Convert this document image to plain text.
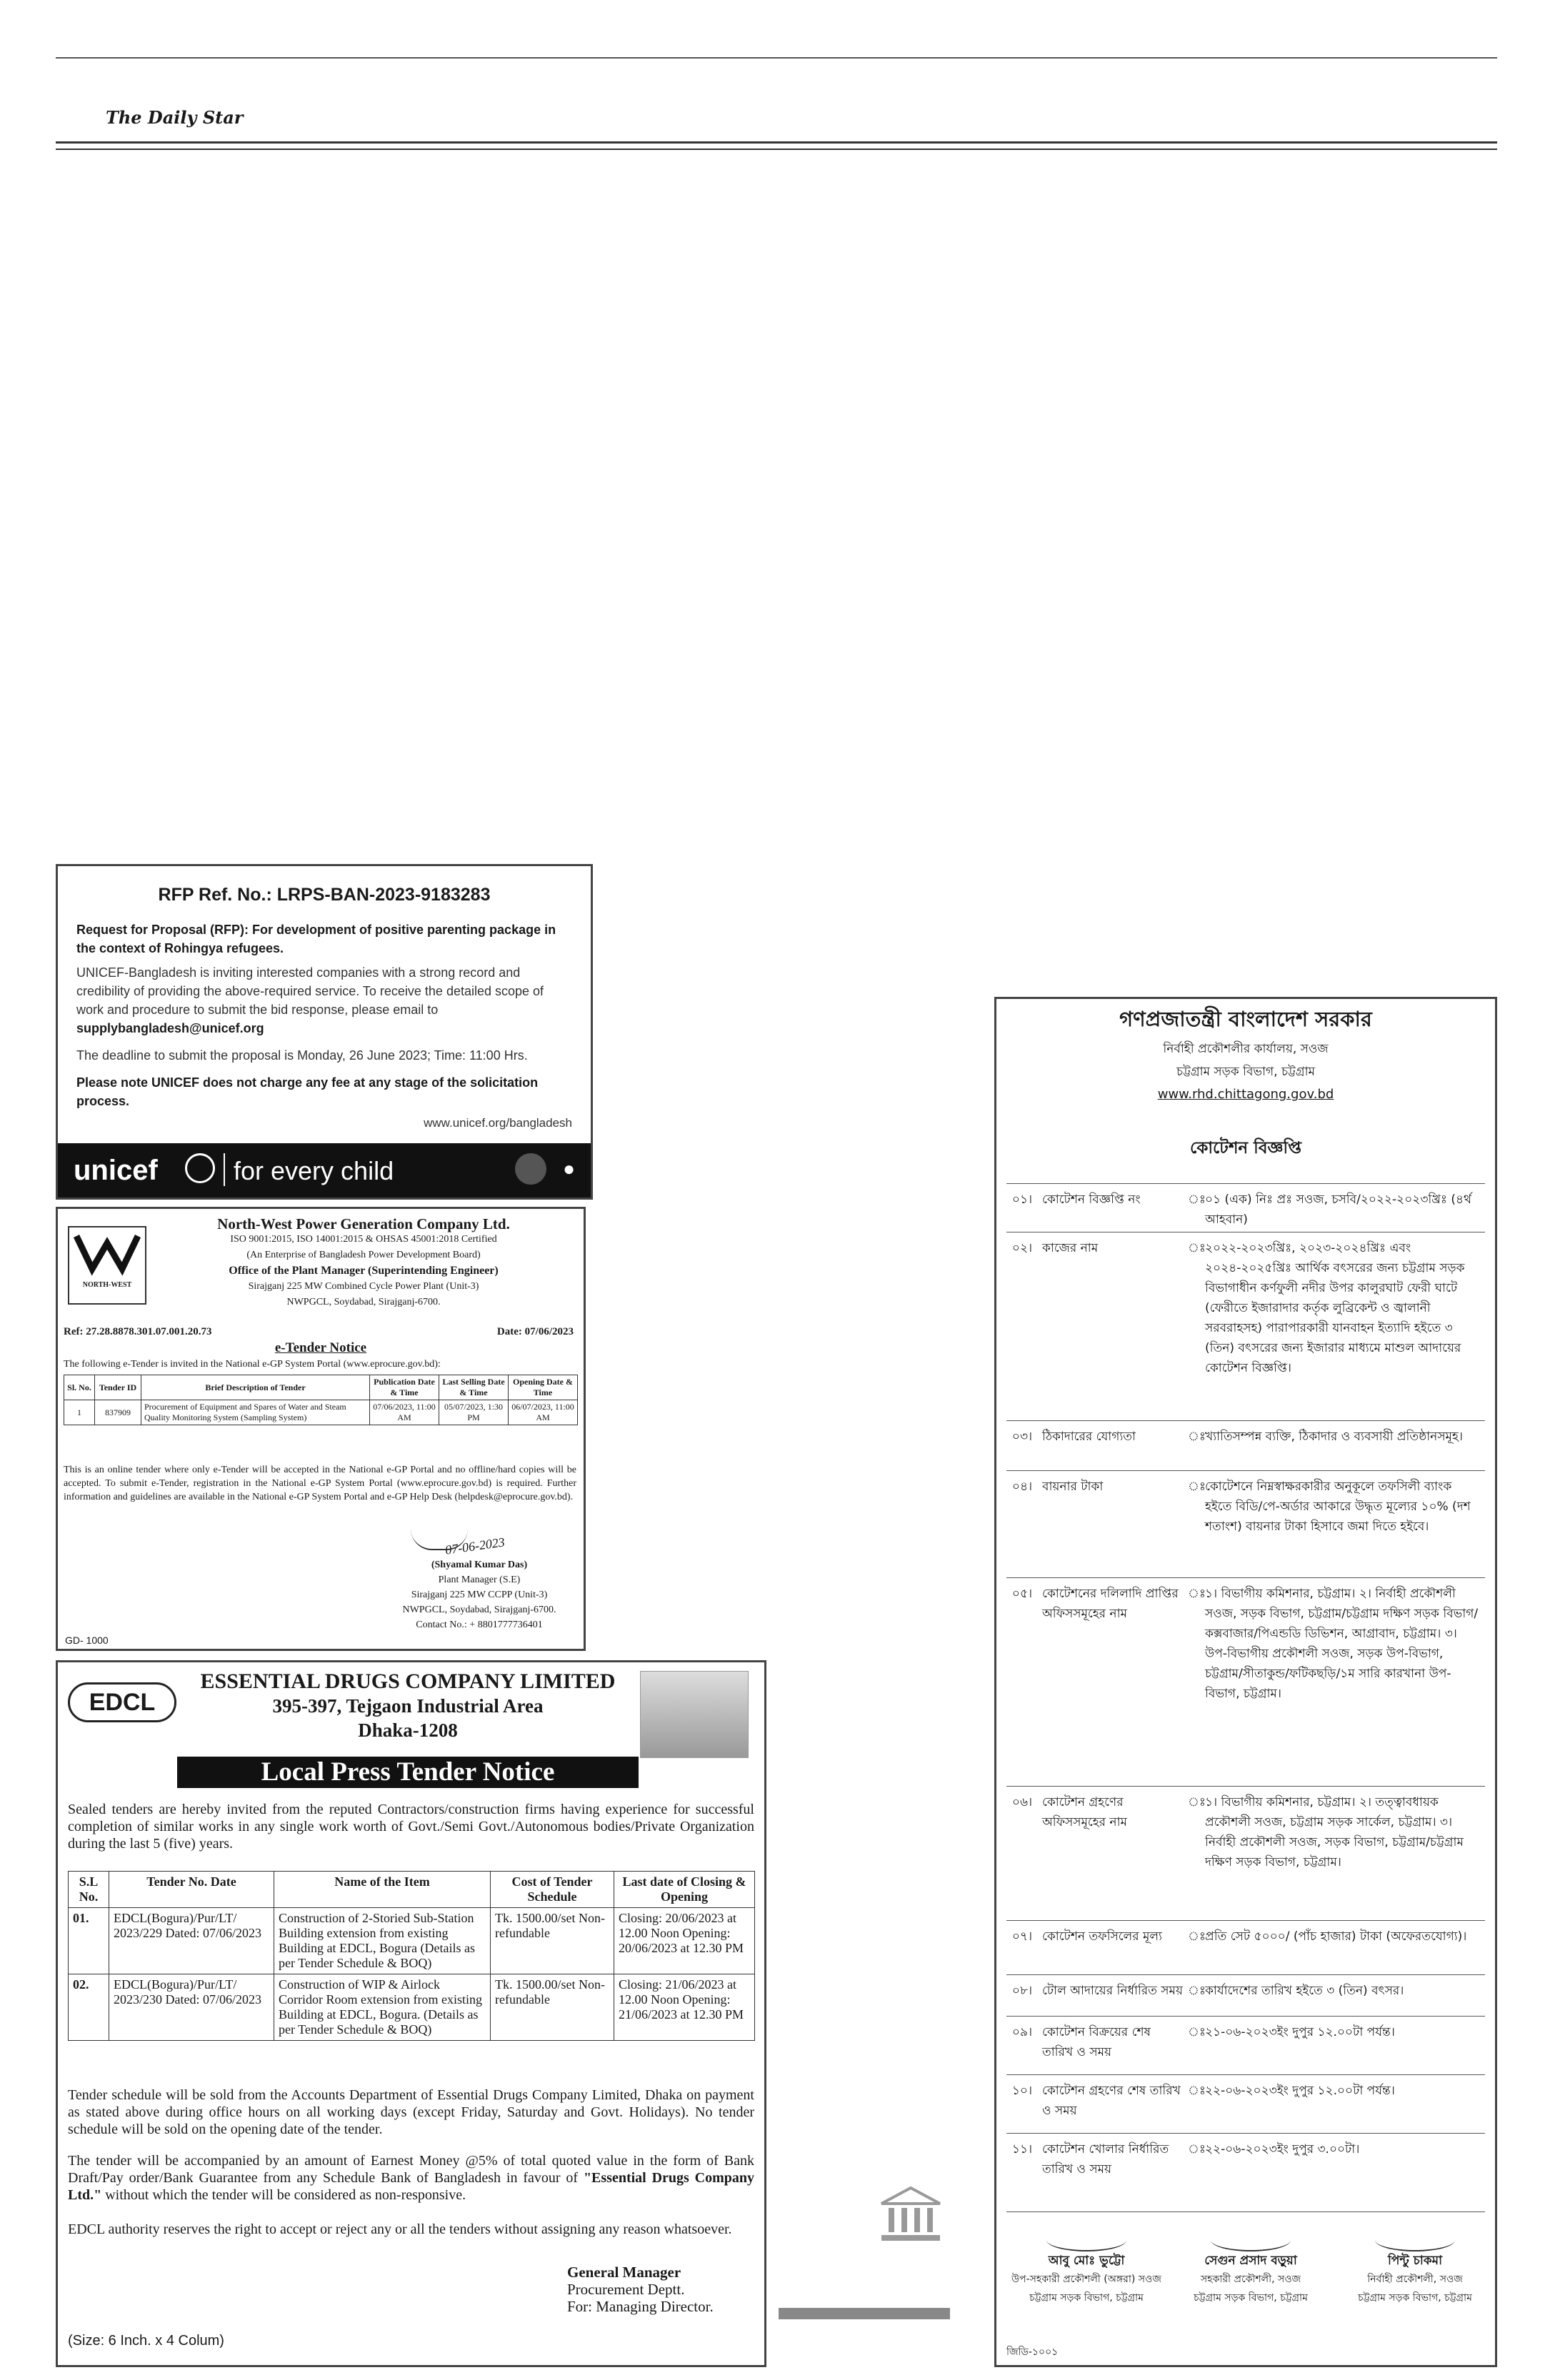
The Daily Star
RFP Ref. No.: LRPS-BAN-2023-9183283
Request for Proposal (RFP): For development of positive parenting package in the context of Rohingya refugees.
UNICEF-Bangladesh is inviting interested companies with a strong record and credibility of providing the above-required service. To receive the detailed scope of work and procedure to submit the bid response, please email to
supplybangladesh@unicef.org
The deadline to submit the proposal is Monday, 26 June 2023; Time: 11:00 Hrs.
Please note UNICEF does not charge any fee at any stage of the solicitation process.
www.unicef.org/bangladesh
unicef	for every child	●
NORTH-WEST
North-West Power Generation Company Ltd.
ISO 9001:2015, ISO 14001:2015 & OHSAS 45001:2018 Certified
(An Enterprise of Bangladesh Power Development Board)
Office of the Plant Manager (Superintending Engineer)
Sirajganj 225 MW Combined Cycle Power Plant (Unit-3)
NWPGCL, Soydabad, Sirajganj-6700.
Ref: 27.28.8878.301.07.001.20.73	Date: 07/06/2023
e-Tender Notice
The following e-Tender is invited in the National e-GP System Portal (www.eprocure.gov.bd):
Sl. No.	Tender ID	Brief Description of Tender	Publication Date & Time	Last Selling Date & Time	Opening Date & Time
1	837909	Procurement of Equipment and Spares of Water and Steam Quality Monitoring System (Sampling System)	07/06/2023, 11:00 AM	05/07/2023, 1:30 PM	06/07/2023, 11:00 AM
This is an online tender where only e-Tender will be accepted in the National e-GP Portal and no offline/hard copies will be accepted. To submit e-Tender, registration in the National e-GP System Portal (www.eprocure.gov.bd) is required. Further information and guidelines are available in the National e-GP System Portal and e-GP Help Desk (helpdesk@eprocure.gov.bd).
07-06-2023
(Shyamal Kumar Das)
Plant Manager (S.E)
Sirajganj 225 MW CCPP (Unit-3)
NWPGCL, Soydabad, Sirajganj-6700.
Contact No.: + 8801777736401
GD- 1000
EDCL
ESSENTIAL DRUGS COMPANY LIMITED
395-397, Tejgaon Industrial Area
Dhaka-1208
Local Press Tender Notice
Sealed tenders are hereby invited from the reputed Contractors/construction firms having experience for successful completion of similar works in any single work worth of Govt./Semi Govt./Autonomous bodies/Private Organization during the last 5 (five) years.
S.L No.	Tender No. Date	Name of the Item	Cost of Tender Schedule	Last date of Closing & Opening
01.	EDCL(Bogura)/Pur/LT/ 2023/229 Dated: 07/06/2023	Construction of 2-Storied Sub-Station Building extension from existing Building at EDCL, Bogura (Details as per Tender Schedule & BOQ)	Tk. 1500.00/set Non-refundable	Closing: 20/06/2023 at 12.00 Noon Opening: 20/06/2023 at 12.30 PM
02.	EDCL(Bogura)/Pur/LT/ 2023/230 Dated: 07/06/2023	Construction of WIP & Airlock Corridor Room extension from existing Building at EDCL, Bogura. (Details as per Tender Schedule & BOQ)	Tk. 1500.00/set Non-refundable	Closing: 21/06/2023 at 12.00 Noon Opening: 21/06/2023 at 12.30 PM
Tender schedule will be sold from the Accounts Department of Essential Drugs Company Limited, Dhaka on payment as stated above during office hours on all working days (except Friday, Saturday and Govt. Holidays). No tender schedule will be sold on the opening date of the tender.
The tender will be accompanied by an amount of Earnest Money @5% of total quoted value in the form of Bank Draft/Pay order/Bank Guarantee from any Schedule Bank of Bangladesh in favour of "Essential Drugs Company Ltd." without which the tender will be considered as non-responsive.
EDCL authority reserves the right to accept or reject any or all the tenders without assigning any reason whatsoever.
General Manager
Procurement Deptt.
For: Managing Director.
(Size: 6 Inch. x 4 Colum)
গণপ্রজাতন্ত্রী বাংলাদেশ সরকার
নির্বাহী প্রকৌশলীর কার্যালয়, সওজ
চট্টগ্রাম সড়ক বিভাগ, চট্টগ্রাম
www.rhd.chittagong.gov.bd
কোটেশন বিজ্ঞপ্তি
০১। কোটেশন বিজ্ঞপ্তি নং	ঃ ০১ (এক) নিঃ প্রঃ সওজ, চসবি/২০২২-২০২৩খ্রিঃ (৪র্থ আহবান)
০২। কাজের নাম	ঃ ২০২২-২০২৩খ্রিঃ, ২০২৩-২০২৪খ্রিঃ এবং ২০২৪-২০২৫খ্রিঃ আর্থিক বৎসরের জন্য চট্টগ্রাম সড়ক বিভাগাধীন কর্ণফুলী নদীর উপর কালুরঘাট ফেরী ঘাটে (ফেরীতে ইজারাদার কর্তৃক লুব্রিকেন্ট ও জ্বালানী সরবরাহসহ) পারাপারকারী যানবাহন ইত্যাদি হইতে ৩ (তিন) বৎসরের জন্য ইজারার মাধ্যমে মাশুল আদায়ের কোটেশন বিজ্ঞপ্তি।
০৩। ঠিকাদারের যোগ্যতা	ঃ খ্যাতিসম্পন্ন ব্যক্তি, ঠিকাদার ও ব্যবসায়ী প্রতিষ্ঠানসমূহ।
০৪। বায়নার টাকা	ঃ কোটেশনে নিম্নস্বাক্ষরকারীর অনুকূলে তফসিলী ব্যাংক হইতে বিডি/পে-অর্ডার আকারে উদ্ধৃত মূল্যের ১০% (দশ শতাংশ) বায়নার টাকা হিসাবে জমা দিতে হইবে।
০৫। কোটেশনের দলিলাদি প্রাপ্তির অফিসসমূহের নাম
ঃ ১। বিভাগীয় কমিশনার, চট্টগ্রাম। ২। নির্বাহী প্রকৌশলী সওজ, সড়ক বিভাগ, চট্টগ্রাম/চট্টগ্রাম দক্ষিণ সড়ক বিভাগ/কক্সবাজার/পিএন্ডডি ডিভিশন, আগ্রাবাদ, চট্টগ্রাম। ৩। উপ-বিভাগীয় প্রকৌশলী সওজ, সড়ক উপ-বিভাগ, চট্টগ্রাম/সীতাকুন্ড/ফটিকছড়ি/১ম সারি কারখানা উপ-বিভাগ, চট্টগ্রাম।
০৬। কোটেশন গ্রহণের অফিসসমূহের নাম
ঃ ১। বিভাগীয় কমিশনার, চট্টগ্রাম। ২। তত্ত্বাবধায়ক প্রকৌশলী সওজ, চট্টগ্রাম সড়ক সার্কেল, চট্টগ্রাম। ৩। নির্বাহী প্রকৌশলী সওজ, সড়ক বিভাগ, চট্টগ্রাম/চট্টগ্রাম দক্ষিণ সড়ক বিভাগ, চট্টগ্রাম।
০৭। কোটেশন তফসিলের মূল্য	ঃ প্রতি সেট ৫০০০/ (পাঁচ হাজার) টাকা (অফেরতযোগ্য)।
০৮। টোল আদায়ের নির্ধারিত সময় ঃ কার্যাদেশের তারিখ হইতে ৩ (তিন) বৎসর।
০৯। কোটেশন বিক্রয়ের শেষ তারিখ ও সময়
ঃ ২১-০৬-২০২৩ইং দুপুর ১২.০০টা পর্যন্ত।
১০। কোটেশন গ্রহণের শেষ তারিখ ও সময়
ঃ ২২-০৬-২০২৩ইং দুপুর ১২.০০টা পর্যন্ত।
১১। কোটেশন খোলার নির্ধারিত তারিখ ও সময়
ঃ ২২-০৬-২০২৩ইং দুপুর ৩.০০টা।
আবু মোঃ ভুট্টো
উপ-সহকারী প্রকৌশলী (অঙ্গরা) সওজ
চট্টগ্রাম সড়ক বিভাগ, চট্টগ্রাম
সেগুন প্রসাদ বড়ুয়া
সহকারী প্রকৌশলী, সওজ
চট্টগ্রাম সড়ক বিভাগ, চট্টগ্রাম
পিন্টু চাকমা
নির্বাহী প্রকৌশলী, সওজ
চট্টগ্রাম সড়ক বিভাগ, চট্টগ্রাম
জিডি-১০০১
